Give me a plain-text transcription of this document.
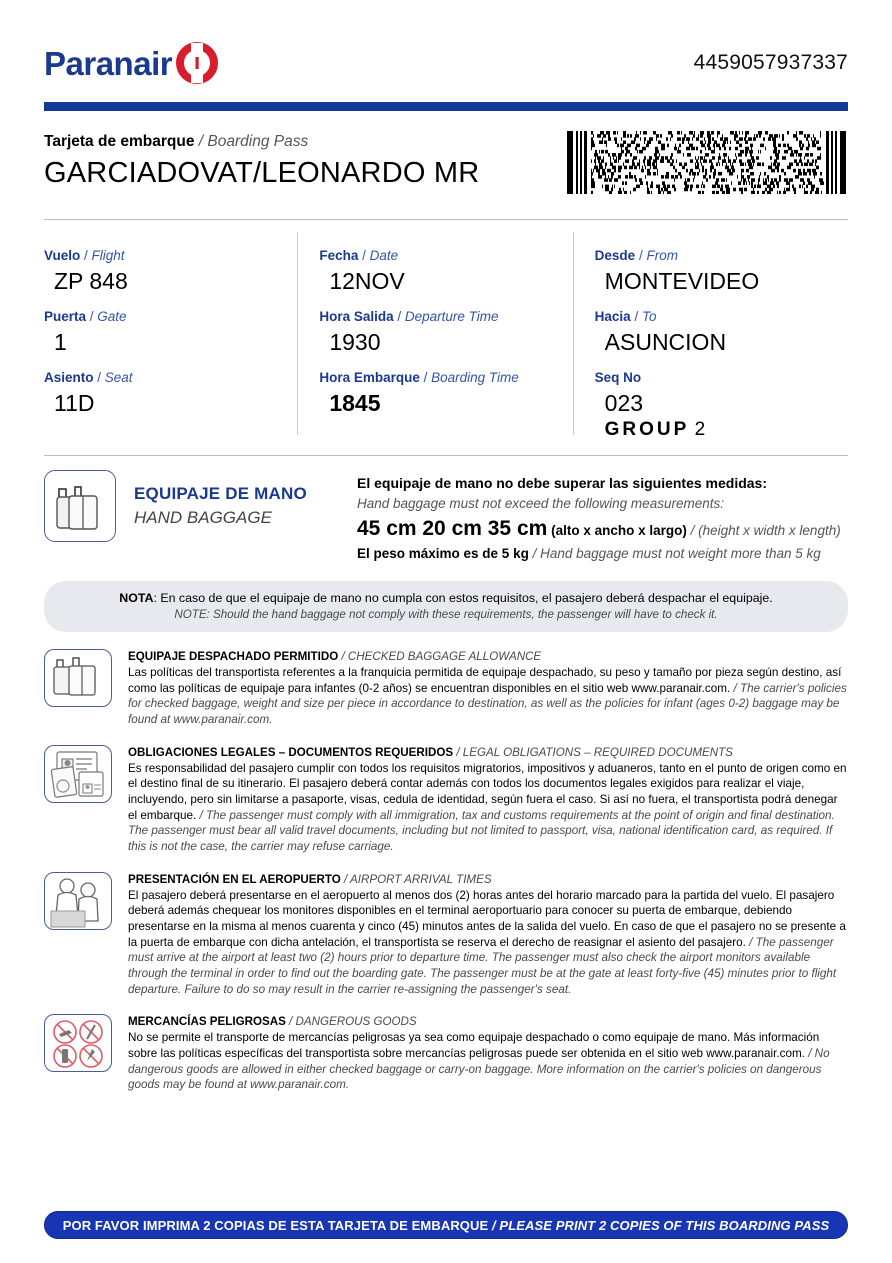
Paranair	4459057937337
Tarjeta de embarque / Boarding Pass
GARCIADOVAT/LEONARDO MR
Vuelo / Flight
ZP 848
Puerta / Gate
1
Asiento / Seat
11D
Fecha / Date
12NOV
Hora Salida / Departure Time
1930
Hora Embarque / Boarding Time
1845
Desde / From
MONTEVIDEO
Hacia / To
ASUNCION
Seq No
023
GROUP 2
EQUIPAJE DE MANO
HAND BAGGAGE
El equipaje de mano no debe superar las siguientes medidas:
Hand baggage must not exceed the following measurements:
45 cm 20 cm 35 cm (alto x ancho x largo) / (height x width x length)
El peso máximo es de 5 kg / Hand baggage must not weight more than 5 kg
NOTA: En caso de que el equipaje de mano no cumpla con estos requisitos, el pasajero deberá despachar el equipaje.
NOTE: Should the hand baggage not comply with these requirements, the passenger will have to check it.
EQUIPAJE DESPACHADO PERMITIDO / CHECKED BAGGAGE ALLOWANCE
Las políticas del transportista referentes a la franquicia permitida de equipaje despachado, su peso y tamaño por pieza según destino, así como las políticas de equipaje para infantes (0-2 años) se encuentran disponibles en el sitio web www.paranair.com. / The carrier's policies for checked baggage, weight and size per piece in accordance to destination, as well as the policies for infant (ages 0-2) baggage may be found at www.paranair.com.
OBLIGACIONES LEGALES – DOCUMENTOS REQUERIDOS / LEGAL OBLIGATIONS – REQUIRED DOCUMENTS
Es responsabilidad del pasajero cumplir con todos los requisitos migratorios, impositivos y aduaneros, tanto en el punto de origen como en el destino final de su itinerario. El pasajero deberá contar además con todos los documentos legales exigidos para realizar el viaje, incluyendo, pero sin limitarse a pasaporte, visas, cedula de identidad, según fuera el caso. Si así no fuera, el transportista podrá denegar el embarque. / The passenger must comply with all immigration, tax and customs requirements at the point of origin and final destination. The passenger must bear all valid travel documents, including but not limited to passport, visa, national identification card, as required. If this is not the case, the carrier may refuse carriage.
PRESENTACIÓN EN EL AEROPUERTO / AIRPORT ARRIVAL TIMES
El pasajero deberá presentarse en el aeropuerto al menos dos (2) horas antes del horario marcado para la partida del vuelo. El pasajero deberá además chequear los monitores disponibles en el terminal aeroportuario para conocer su puerta de embarque, debiendo presentarse en la misma al menos cuarenta y cinco (45) minutos antes de la salida del vuelo. En caso de que el pasajero no se presente a la puerta de embarque con dicha antelación, el transportista se reserva el derecho de reasignar el asiento del pasajero. / The passenger must arrive at the airport at least two (2) hours prior to departure time. The passenger must also check the airport monitors available through the terminal in order to find out the boarding gate. The passenger must be at the gate at least forty-five (45) minutes prior to flight departure. Failure to do so may result in the carrier re-assigning the passenger's seat.
MERCANCÍAS PELIGROSAS / DANGEROUS GOODS
No se permite el transporte de mercancías peligrosas ya sea como equipaje despachado o como equipaje de mano. Más información sobre las políticas específicas del transportista sobre mercancías peligrosas puede ser obtenida en el sitio web www.paranair.com. / No dangerous goods are allowed in either checked baggage or carry-on baggage. More information on the carrier's policies on dangerous goods may be found at www.paranair.com.
POR FAVOR IMPRIMA 2 COPIAS DE ESTA TARJETA DE EMBARQUE / PLEASE PRINT 2 COPIES OF THIS BOARDING PASS
